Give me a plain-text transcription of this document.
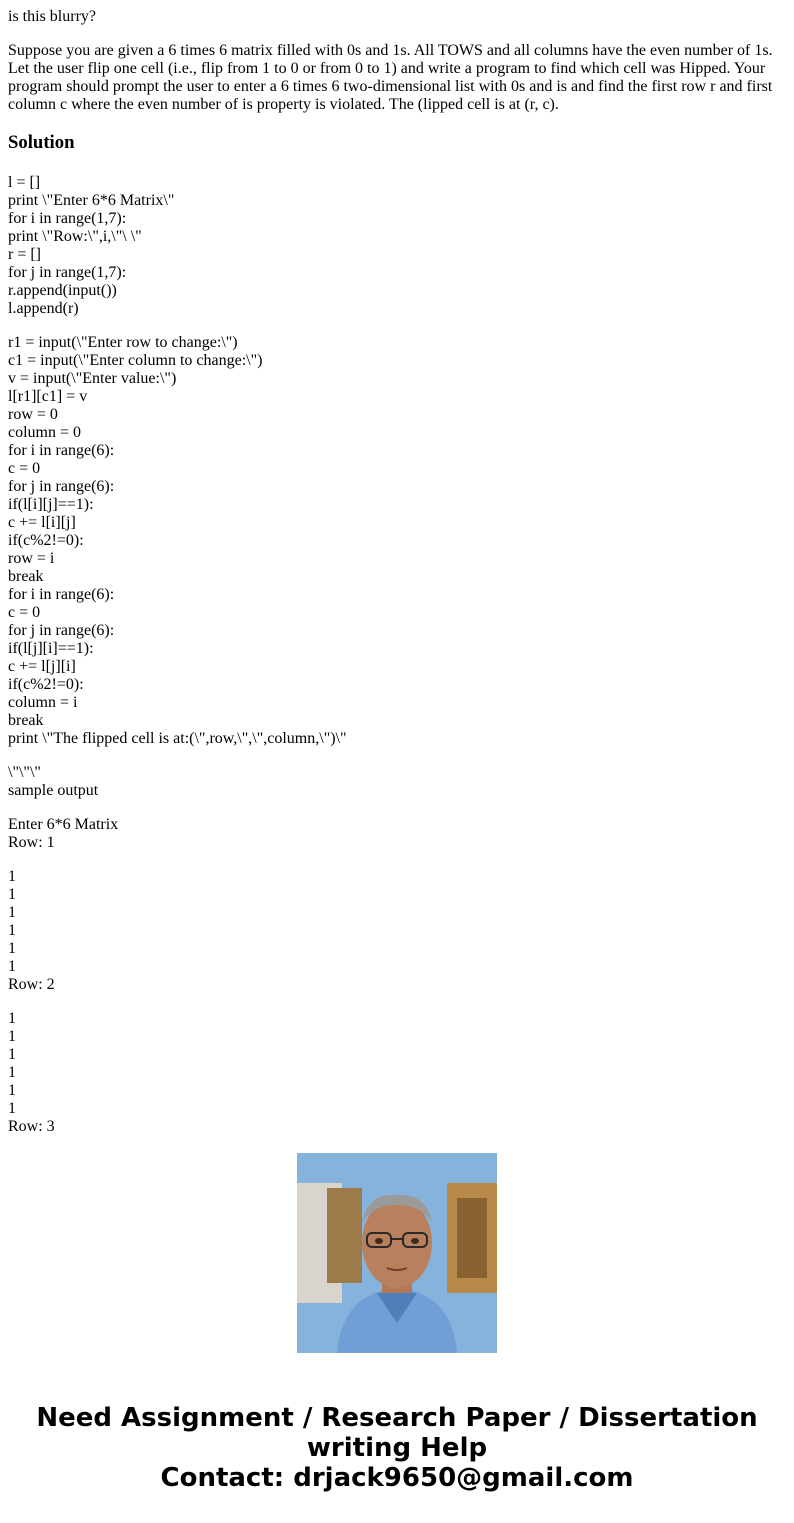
is this blurry?

Suppose you are given a 6 times 6 matrix filled with 0s and 1s. All TOWS and all columns have the even number of 1s. Let the user flip one cell (i.e., flip from 1 to 0 or from 0 to 1) and write a program to find which cell was Hipped. Your program should prompt the user to enter a 6 times 6 two-dimensional list with 0s and is and find the first row r and first column c where the even number of is property is violated. The (lipped cell is at (r, c).

Solution
l = []
print \"Enter 6*6 Matrix\"
for i in range(1,7):
print \"Row:\",i,\"\ \"
r = []
for j in range(1,7):
r.append(input())
l.append(r)
r1 = input(\"Enter row to change:\")
c1 = input(\"Enter column to change:\")
v = input(\"Enter value:\")
l[r1][c1] = v
row = 0
column = 0
for i in range(6):
c = 0
for j in range(6):
if(l[i][j]==1):
c += l[i][j]
if(c%2!=0):
row = i
break
for i in range(6):
c = 0
for j in range(6):
if(l[j][i]==1):
c += l[j][i]
if(c%2!=0):
column = i
break
print \"The flipped cell is at:(\",row,\",\",column,\")\"
\"\"\"
sample output
Enter 6*6 Matrix
Row: 1
1
1
1
1
1
1
Row: 2
1
1
1
1
1
1
Row: 3
Need Assignment / Research Paper / Dissertation
writing Help
Contact: drjack9650@gmail.com
